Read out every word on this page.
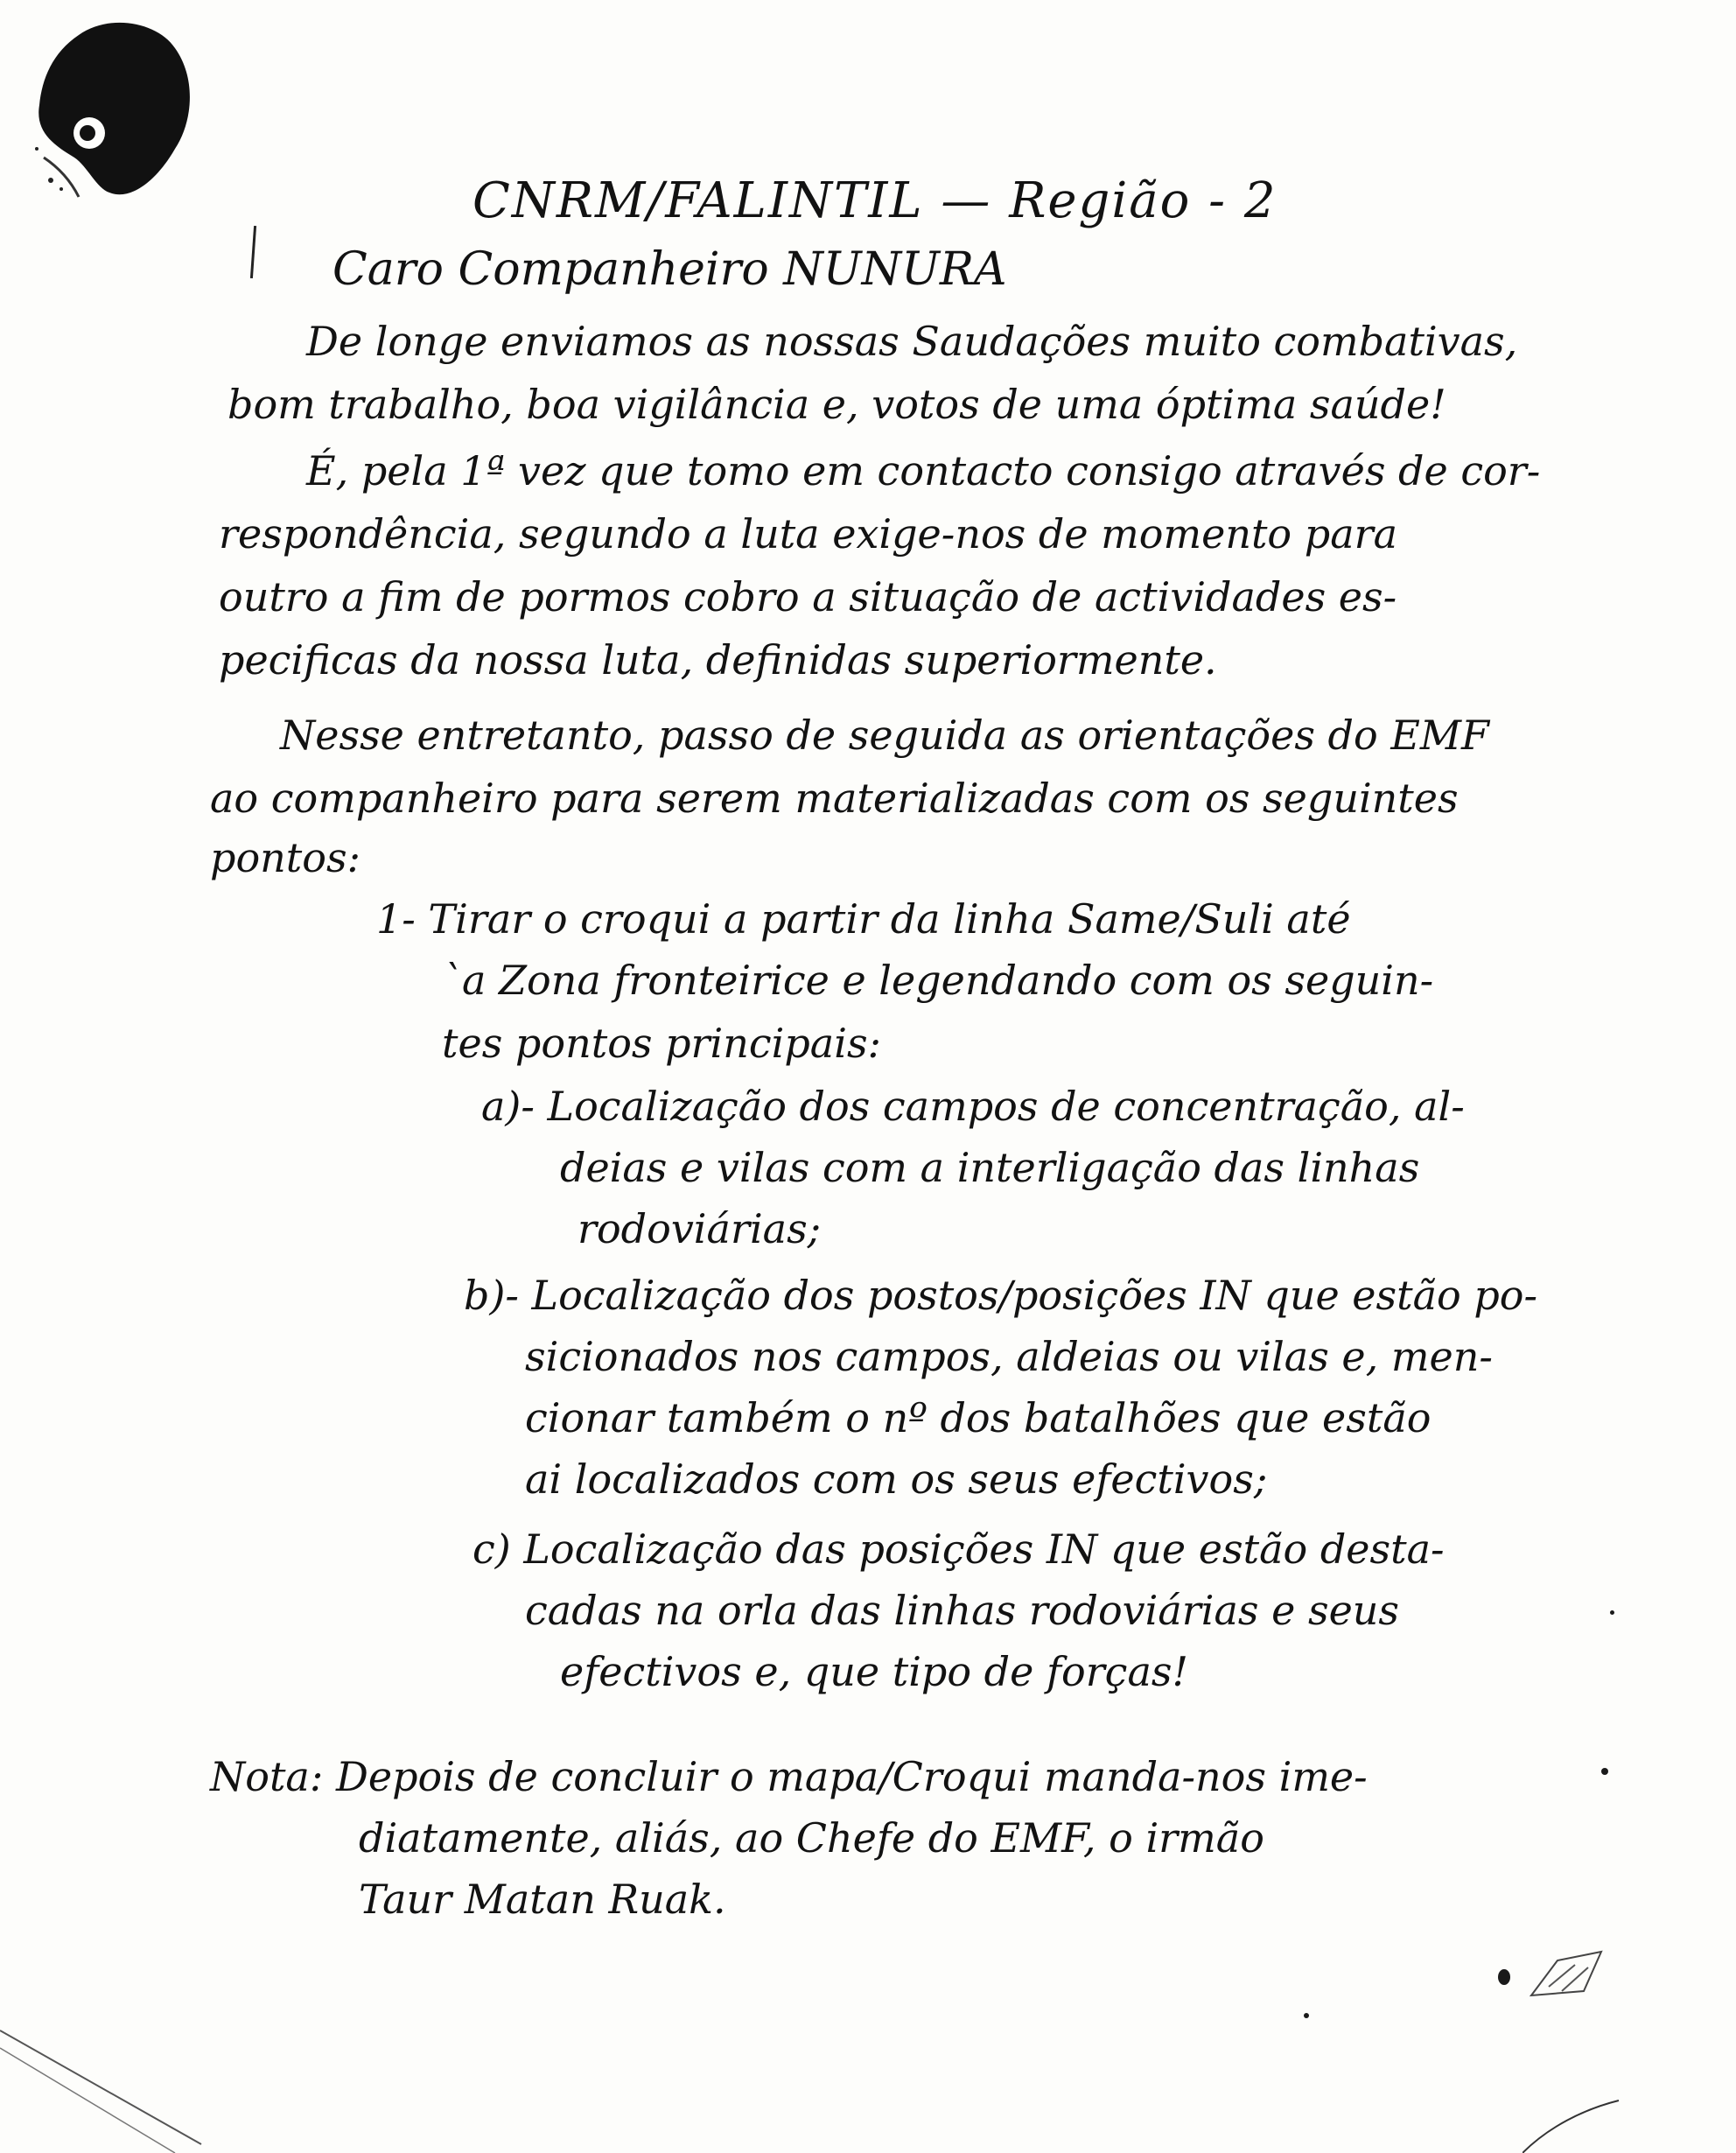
CNRM/FALINTIL — Região - 2
Caro Companheiro NUNURA
De longe enviamos as nossas Saudações muito combativas,
bom trabalho, boa vigilância e, votos de uma óptima saúde!
É, pela 1ª vez que tomo em contacto consigo através de cor-
respondência, segundo a luta exige-nos de momento para
outro a fim de pormos cobro a situação de actividades es-
pecificas da nossa luta, definidas superiormente.
Nesse entretanto, passo de seguida as orientações do EMF
ao companheiro para serem materializadas com os seguintes
pontos:
1- Tirar o croqui a partir da linha Same/Suli até
`a Zona fronteirice e legendando com os seguin-
tes pontos principais:
a)- Localização dos campos de concentração, al-
deias e vilas com a interligação das linhas
rodoviárias;
b)- Localização dos postos/posições IN que estão po-
sicionados nos campos, aldeias ou vilas e, men-
cionar também o nº dos batalhões que estão
ai localizados com os seus efectivos;
c) Localização das posições IN que estão desta-
cadas na orla das linhas rodoviárias e seus
efectivos e, que tipo de forças!
Nota: Depois de concluir o mapa/Croqui manda-nos ime-
diatamente, aliás, ao Chefe do EMF, o irmão
Taur Matan Ruak.
